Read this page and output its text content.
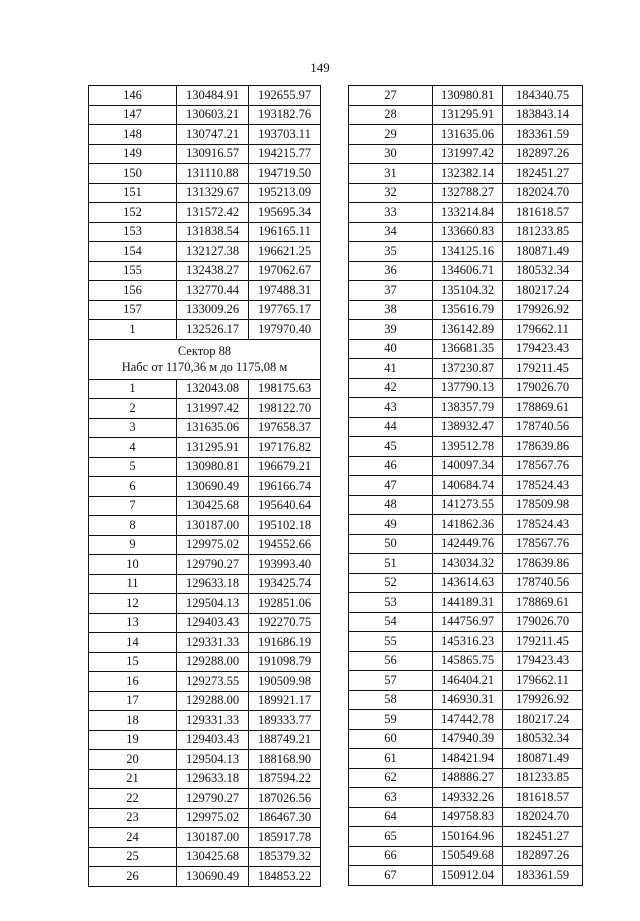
149
146	130484.91	192655.97
147	130603.21	193182.76
148	130747.21	193703.11
149	130916.57	194215.77
150	131110.88	194719.50
151	131329.67	195213.09
152	131572.42	195695.34
153	131838.54	196165.11
154	132127.38	196621.25
155	132438.27	197062.67
156	132770.44	197488.31
157	133009.26	197765.17
1	132526.17	197970.40

Сектор 88
Набс от 1170,36 м до 1175,08 м		

1	132043.08	198175.63
2	131997.42	198122.70
3	131635.06	197658.37
4	131295.91	197176.82
5	130980.81	196679.21
6	130690.49	196166.74
7	130425.68	195640.64
8	130187.00	195102.18
9	129975.02	194552.66
10	129790.27	193993.40
11	129633.18	193425.74
12	129504.13	192851.06
13	129403.43	192270.75
14	129331.33	191686.19
15	129288.00	191098.79
16	129273.55	190509.98
17	129288.00	189921.17
18	129331.33	189333.77
19	129403.43	188749.21
20	129504.13	188168.90
21	129633.18	187594.22
22	129790.27	187026.56
23	129975.02	186467.30
24	130187.00	185917.78
25	130425.68	185379.32
26	130690.49	184853.22
27	130980.81	184340.75
28	131295.91	183843.14
29	131635.06	183361.59
30	131997.42	182897.26
31	132382.14	182451.27
32	132788.27	182024.70
33	133214.84	181618.57
34	133660.83	181233.85
35	134125.16	180871.49
36	134606.71	180532.34
37	135104.32	180217.24
38	135616.79	179926.92
39	136142.89	179662.11
40	136681.35	179423.43
41	137230.87	179211.45
42	137790.13	179026.70
43	138357.79	178869.61
44	138932.47	178740.56
45	139512.78	178639.86
46	140097.34	178567.76
47	140684.74	178524.43
48	141273.55	178509.98
49	141862.36	178524.43
50	142449.76	178567.76
51	143034.32	178639.86
52	143614.63	178740.56
53	144189.31	178869.61
54	144756.97	179026.70
55	145316.23	179211.45
56	145865.75	179423.43
57	146404.21	179662.11
58	146930.31	179926.92
59	147442.78	180217.24
60	147940.39	180532.34
61	148421.94	180871.49
62	148886.27	181233.85
63	149332.26	181618.57
64	149758.83	182024.70
65	150164.96	182451.27
66	150549.68	182897.26
67	150912.04	183361.59
